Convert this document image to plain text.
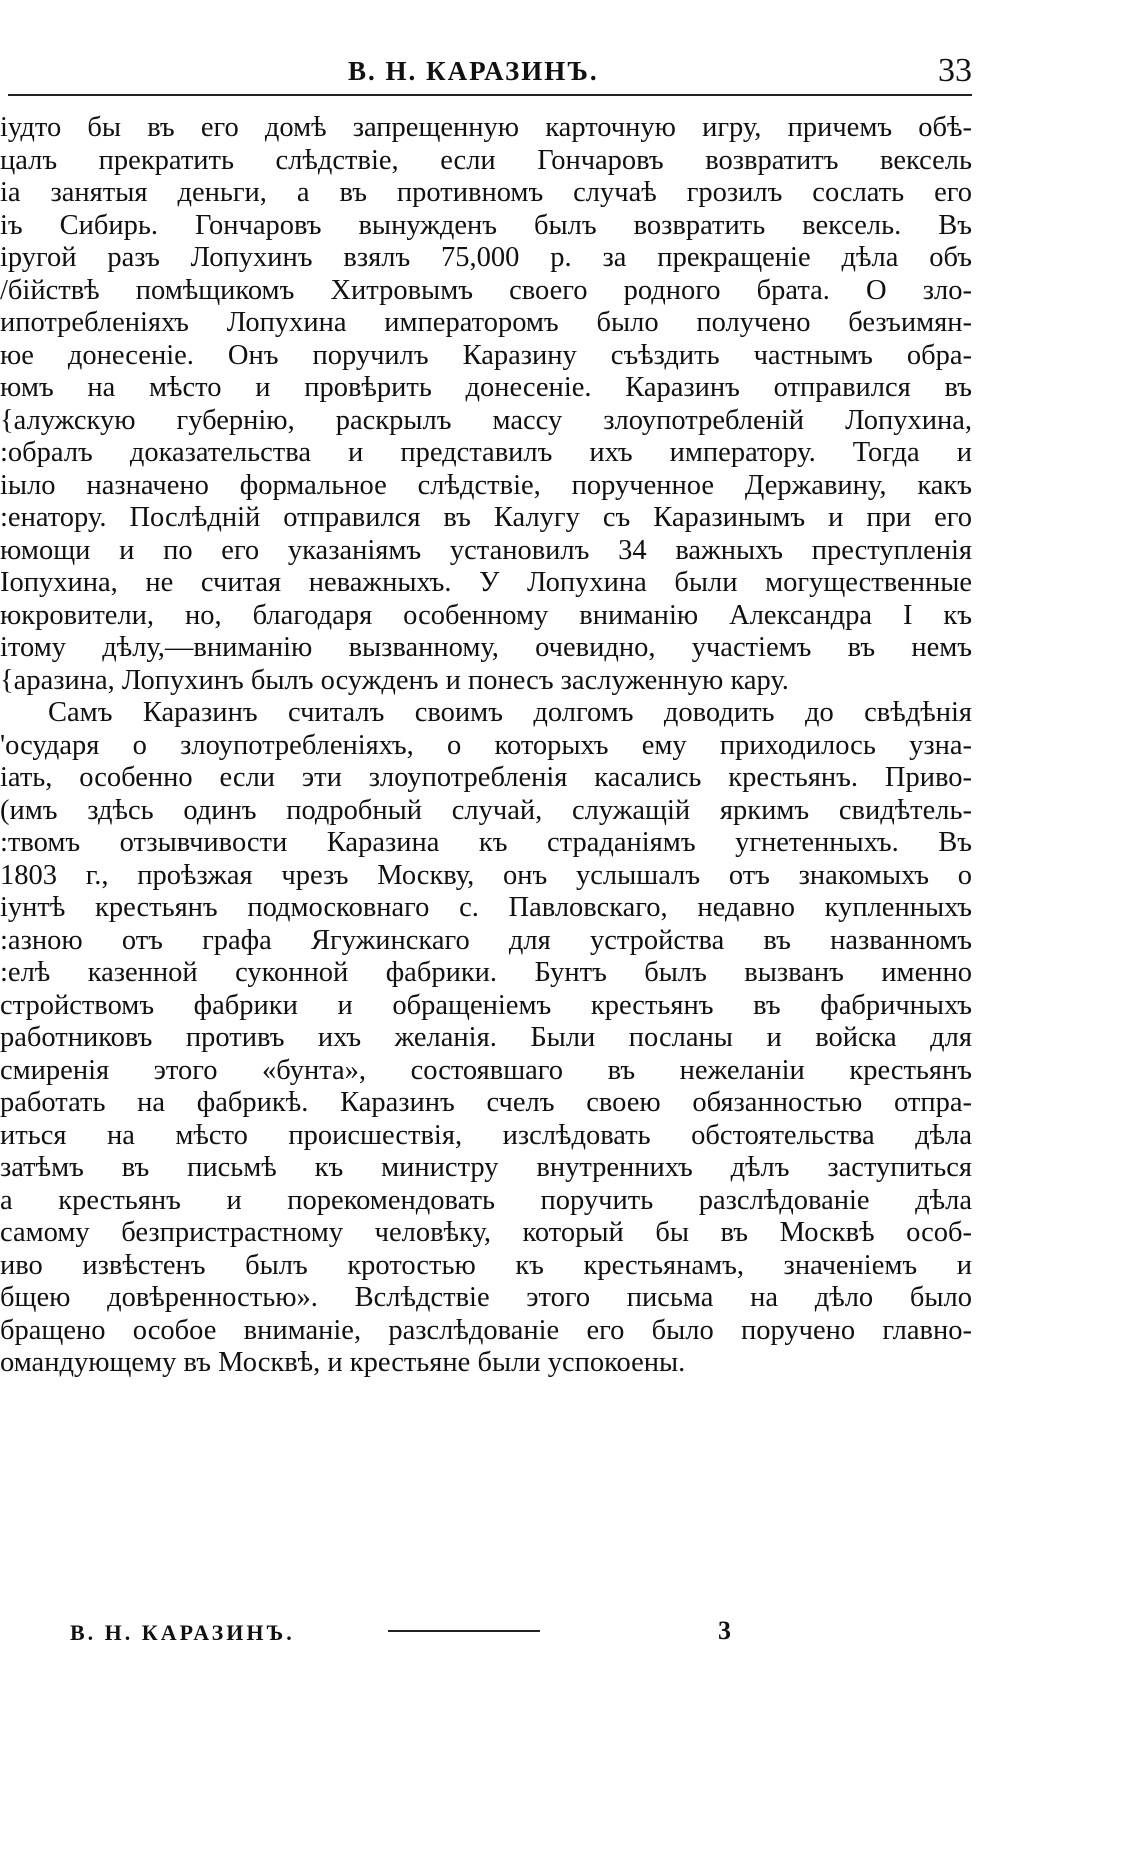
В. Н. КАРАЗИНЪ.	33
іудто бы въ его домѣ запрещенную карточную игру, причемъ обѣ-
цалъ прекратить слѣдствіе, если Гончаровъ возвратитъ вексель
іа занятыя деньги, а въ противномъ случаѣ грозилъ сослать его
іъ Сибирь. Гончаровъ вынужденъ былъ возвратить вексель. Въ
іругой разъ Лопухинъ взялъ 75,000 р. за прекращеніе дѣла объ
/бійствѣ помѣщикомъ Хитровымъ своего родного брата. О зло-
ипотребленіяхъ Лопухина императоромъ было получено безъимян-
юе донесеніе. Онъ поручилъ Каразину съѣздить частнымъ обра-
юмъ на мѣсто и провѣрить донесеніе. Каразинъ отправился въ
{алужскую губернію, раскрылъ массу злоупотребленій Лопухина,
:обралъ доказательства и представилъ ихъ императору. Тогда и
іыло назначено формальное слѣдствіе, порученное Державину, какъ
:енатору. Послѣдній отправился въ Калугу съ Каразинымъ и при его
юмощи и по его указаніямъ установилъ 34 важныхъ преступленія
Іопухина, не считая неважныхъ. У Лопухина были могущественные
юкровители, но, благодаря особенному вниманію Александра I къ
ітому дѣлу,—вниманію вызванному, очевидно, участіемъ въ немъ
{аразина, Лопухинъ былъ осужденъ и понесъ заслуженную кару.
Самъ Каразинъ считалъ своимъ долгомъ доводить до свѣдѣнія
'осударя о злоупотребленіяхъ, о которыхъ ему приходилось узна-
іать, особенно если эти злоупотребленія касались крестьянъ. Приво-
(имъ здѣсь одинъ подробный случай, служащій яркимъ свидѣтель-
:твомъ отзывчивости Каразина къ страданіямъ угнетенныхъ. Въ
1803 г., проѣзжая чрезъ Москву, онъ услышалъ отъ знакомыхъ о
іунтѣ крестьянъ подмосковнаго с. Павловскаго, недавно купленныхъ
:азною отъ графа Ягужинскаго для устройства въ названномъ
:елѣ казенной суконной фабрики. Бунтъ былъ вызванъ именно
стройствомъ фабрики и обращеніемъ крестьянъ въ фабричныхъ
работниковъ противъ ихъ желанія. Были посланы и войска для
смиренія этого «бунта», состоявшаго въ нежеланіи крестьянъ
работать на фабрикѣ. Каразинъ счелъ своею обязанностью отпра-
иться на мѣсто происшествія, изслѣдовать обстоятельства дѣла
затѣмъ въ письмѣ къ министру внутреннихъ дѣлъ заступиться
а крестьянъ и порекомендовать поручить разслѣдованіе дѣла
самому безпристрастному человѣку, который бы въ Москвѣ особ-
иво извѣстенъ былъ кротостью къ крестьянамъ, значеніемъ и
бщею довѣренностью». Вслѣдствіе этого письма на дѣло было
бращено особое вниманіе, разслѣдованіе его было поручено главно-
омандующему въ Москвѣ, и крестьяне были успокоены.
В. Н. КАРАЗИНЪ.	3
